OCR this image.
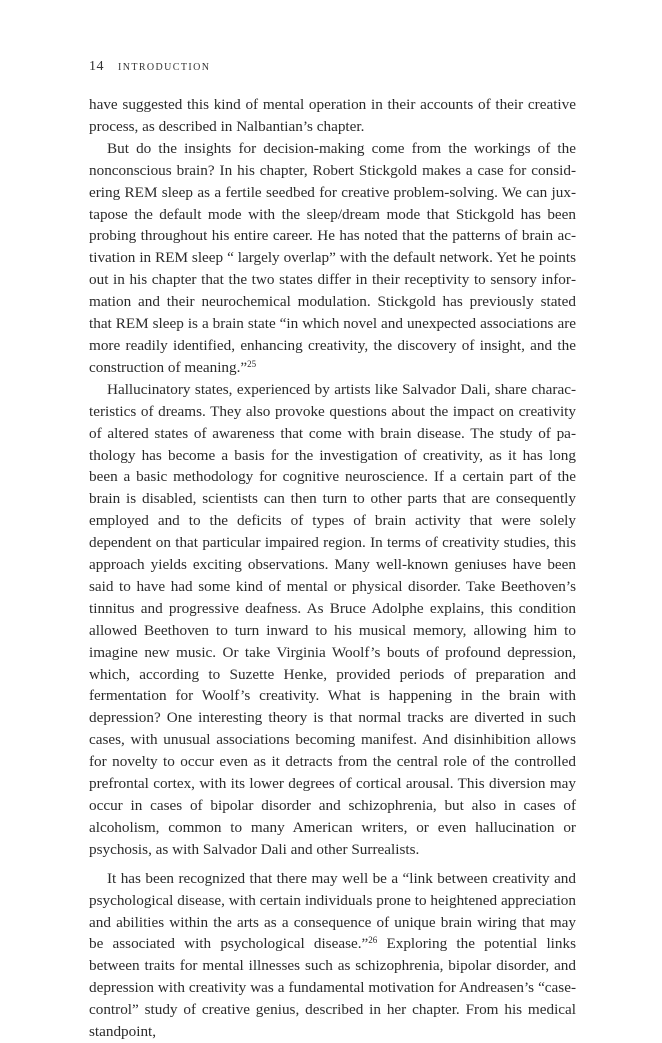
14 introduction

have suggested this kind of mental operation in their accounts of their creative process, as described in Nalbantian’s chapter.

But do the insights for decision-making come from the workings of the nonconscious brain? In his chapter, Robert Stickgold makes a case for considering REM sleep as a fertile seedbed for creative problem-solving. We can juxtapose the default mode with the sleep/dream mode that Stickgold has been probing throughout his entire career. He has noted that the patterns of brain activation in REM sleep “ largely overlap” with the default network. Yet he points out in his chapter that the two states differ in their receptivity to sensory information and their neurochemical modulation. Stickgold has previously stated that REM sleep is a brain state “in which novel and unexpected associations are more readily identified, enhancing creativity, the discovery of insight, and the construction of meaning.”$^{25}$

Hallucinatory states, experienced by artists like Salvador Dali, share characteristics of dreams. They also provoke questions about the impact on creativity of altered states of awareness that come with brain disease. The study of pathology has become a basis for the investigation of creativity, as it has long been a basic methodology for cognitive neuroscience. If a certain part of the brain is disabled, scientists can then turn to other parts that are consequently employed and to the deficits of types of brain activity that were solely dependent on that particular impaired region. In terms of creativity studies, this approach yields exciting observations. Many well-known geniuses have been said to have had some kind of mental or physical disorder. Take Beethoven’s tinnitus and progressive deafness. As Bruce Adolphe explains, this condition allowed Beethoven to turn inward to his musical memory, allowing him to imagine new music. Or take Virginia Woolf’s bouts of profound depression, which, according to Suzette Henke, provided periods of preparation and fermentation for Woolf’s creativity. What is happening in the brain with depression? One interesting theory is that normal tracks are diverted in such cases, with unusual associations becoming manifest. And disinhibition allows for novelty to occur even as it detracts from the central role of the controlled prefrontal cortex, with its lower degrees of cortical arousal. This diversion may occur in cases of bipolar disorder and schizophrenia, but also in cases of alcoholism, common to many American writers, or even hallucination or psychosis, as with Salvador Dali and other Surrealists.

It has been recognized that there may well be a “link between creativity and psychological disease, with certain individuals prone to heightened appreciation and abilities within the arts as a consequence of unique brain wiring that may be associated with psychological disease.”$^{26}$ Exploring the potential links between traits for mental illnesses such as schizophrenia, bipolar disorder, and depression with creativity was a fundamental motivation for Andreasen’s “case-control” study of creative genius, described in her chapter. From his medical standpoint,
